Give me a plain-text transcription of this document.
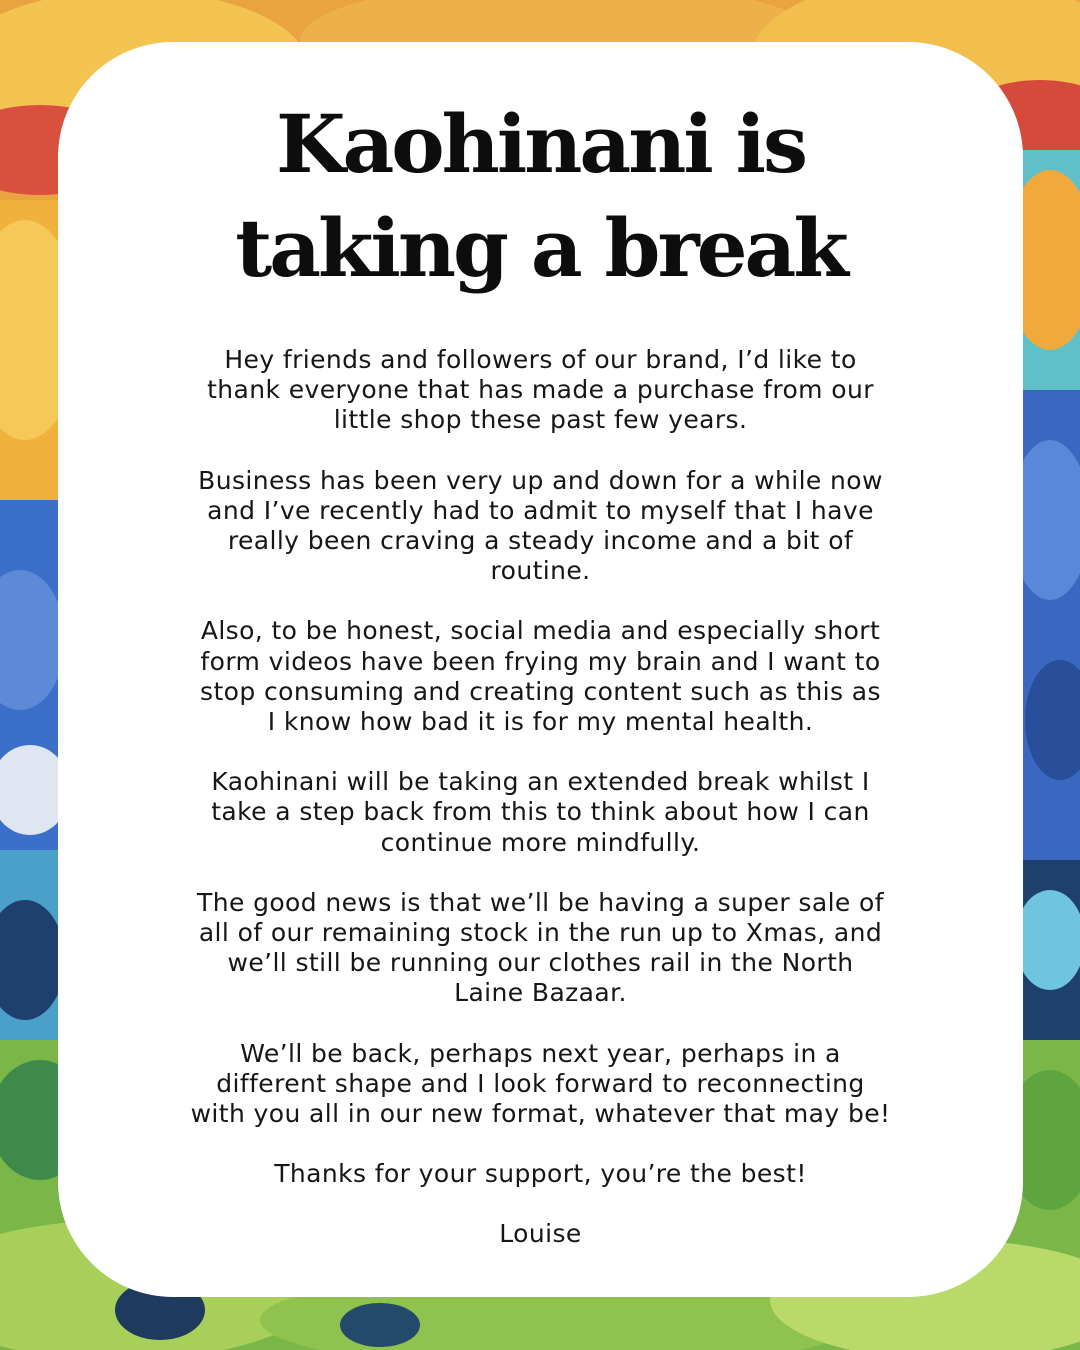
Kaohinani is
taking a break

Hey friends and followers of our brand, I’d like to
thank everyone that has made a purchase from our
little shop these past few years.

Business has been very up and down for a while now
and I’ve recently had to admit to myself that I have
really been craving a steady income and a bit of
routine.

Also, to be honest, social media and especially short
form videos have been frying my brain and I want to
stop consuming and creating content such as this as
I know how bad it is for my mental health.

Kaohinani will be taking an extended break whilst I
take a step back from this to think about how I can
continue more mindfully.

The good news is that we’ll be having a super sale of
all of our remaining stock in the run up to Xmas, and
we’ll still be running our clothes rail in the North
Laine Bazaar.

We’ll be back, perhaps next year, perhaps in a
different shape and I look forward to reconnecting
with you all in our new format, whatever that may be!

Thanks for your support, you’re the best!

Louise
